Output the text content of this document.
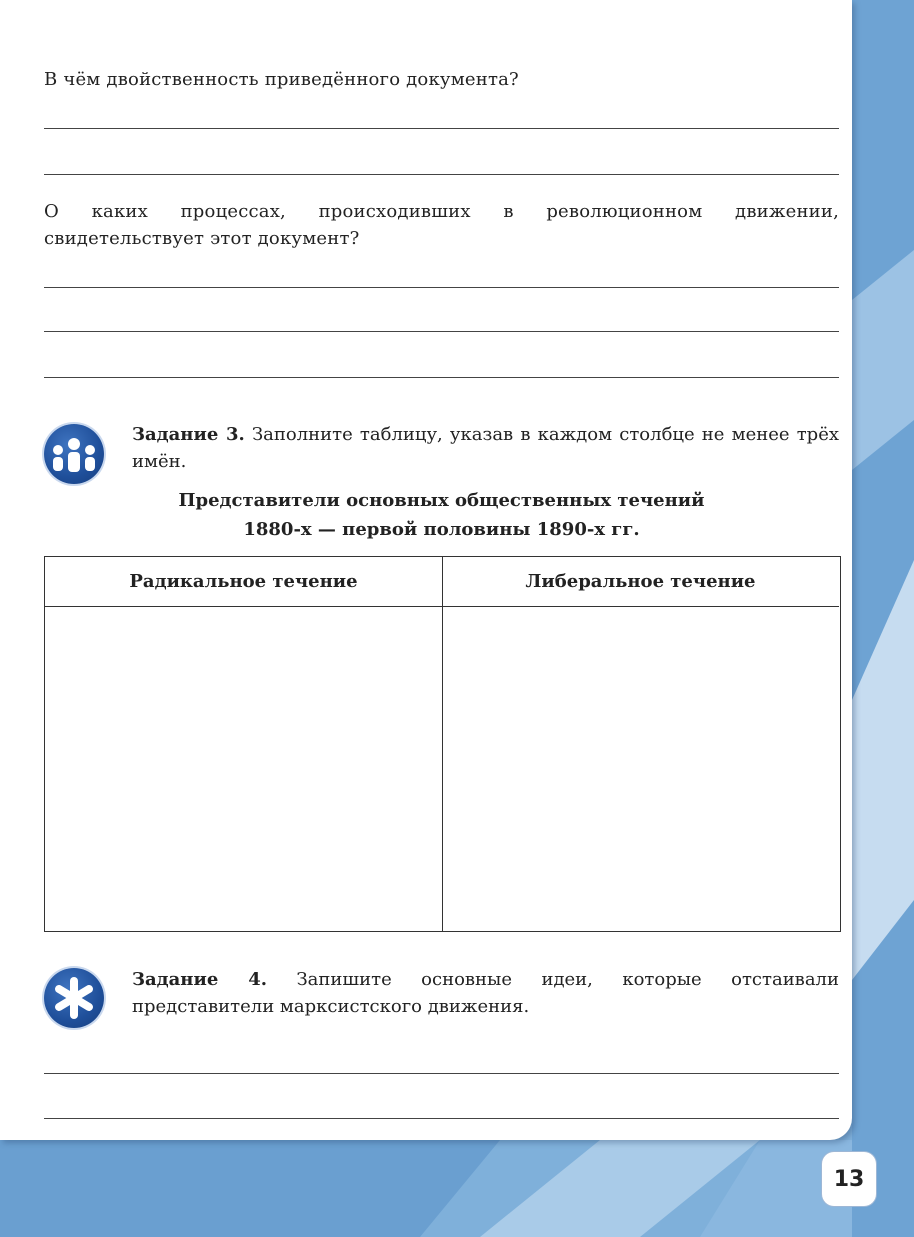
В чём двойственность приведённого документа?
О каких процессах, происходивших в революционном движении, свидетельствует этот документ?
Задание 3. Заполните таблицу, указав в каждом столбце не менее трёх имён.
Представители основных общественных течений
1880-х — первой половины 1890-х гг.
Радикальное течение	Либеральное течение
Задание 4. Запишите основные идеи, которые отстаивали представители марксистского движения.
13
